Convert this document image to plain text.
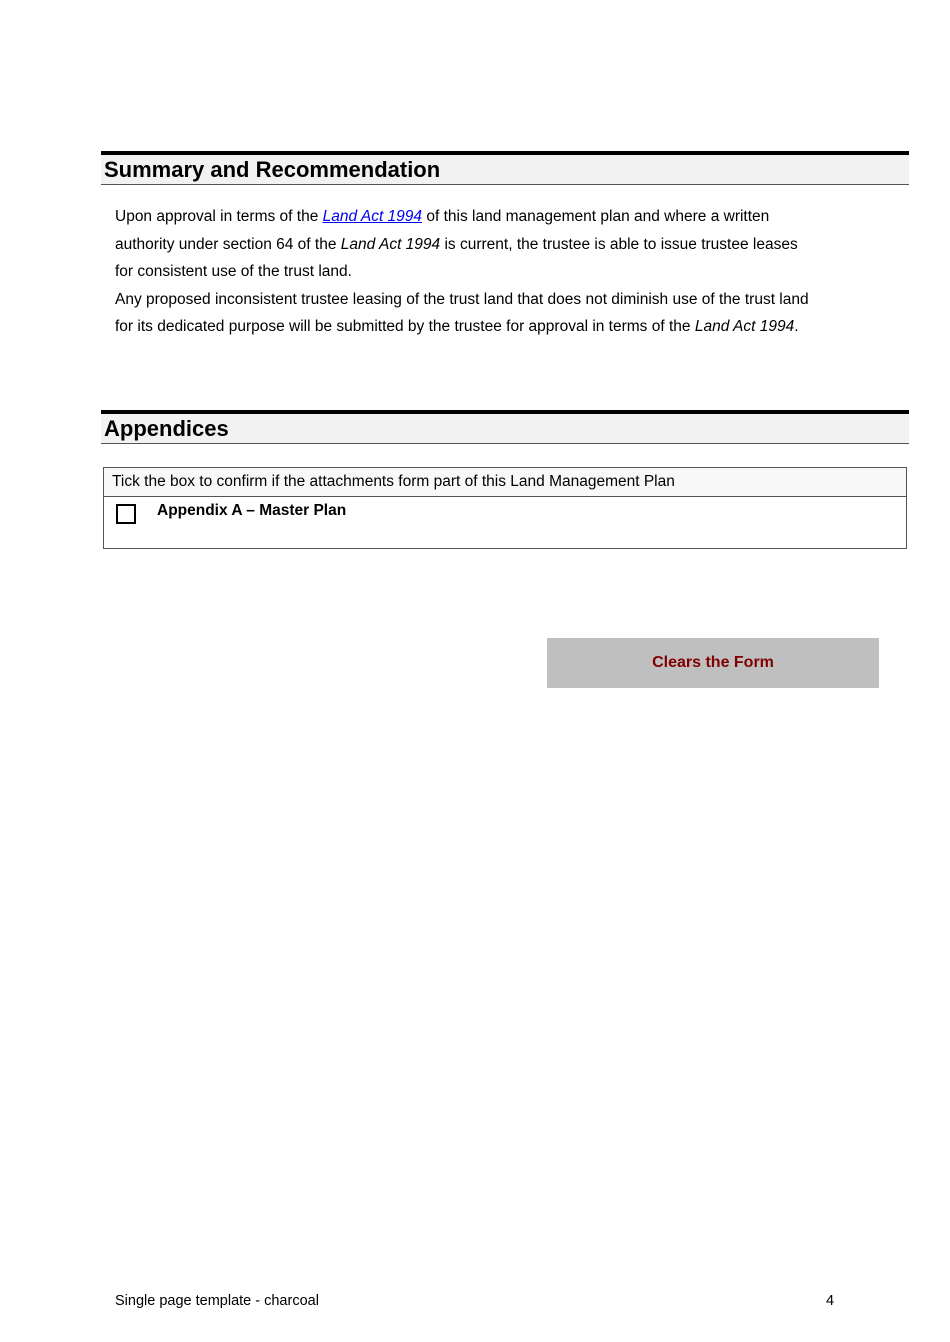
Summary and Recommendation

Upon approval in terms of the Land Act 1994 of this land management plan and where a written authority under section 64 of the Land Act 1994 is current, the trustee is able to issue trustee leases for consistent use of the trust land.

Any proposed inconsistent trustee leasing of the trust land that does not diminish use of the trust land for its dedicated purpose will be submitted by the trustee for approval in terms of the Land Act 1994.

Appendices
Tick the box to confirm if the attachments form part of this Land Management Plan
Appendix A – Master Plan
Clears the Form
Single page template - charcoal	4
